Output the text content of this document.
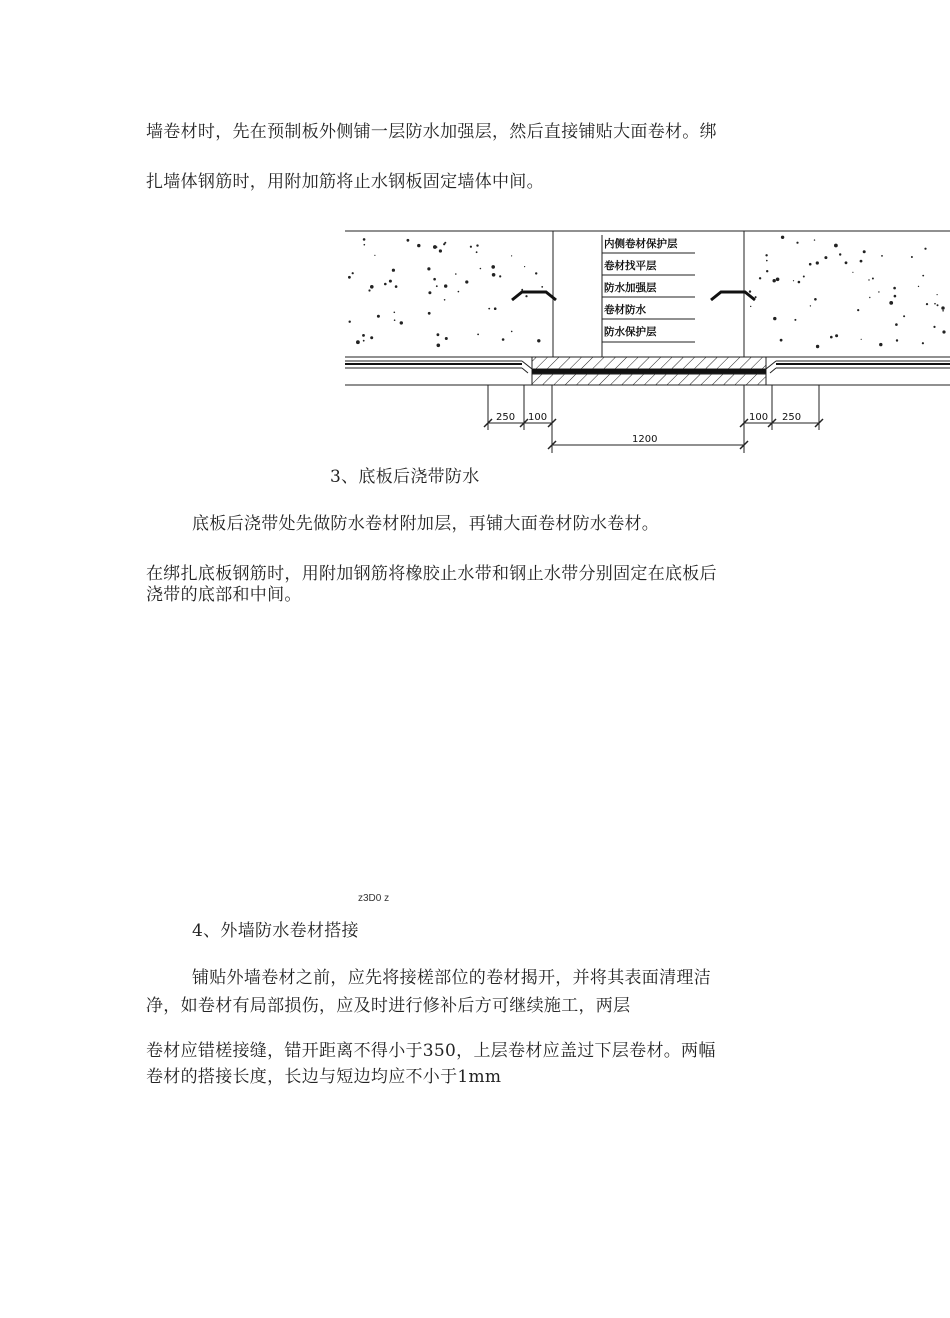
墙卷材时，先在预制板外侧铺一层防水加强层，然后直接铺贴大面卷材。绑
扎墙体钢筋时，用附加筋将止水钢板固定墙体中间。
内侧卷材保护层
卷材找平层
防水加强层
卷材防水
防水保护层
250 100
1200
100 250
3、底板后浇带防水
底板后浇带处先做防水卷材附加层，再铺大面卷材防水卷材。
在绑扎底板钢筋时，用附加钢筋将橡胶止水带和钢止水带分别固定在底板后
浇带的底部和中间。
z3D0 z
4、外墙防水卷材搭接
铺贴外墙卷材之前，应先将接槎部位的卷材揭开，并将其表面清理洁
净，如卷材有局部损伤，应及时进行修补后方可继续施工，两层
卷材应错槎接缝，错开距离不得小于350，上层卷材应盖过下层卷材。两幅
卷材的搭接长度，长边与短边均应不小于1mm
